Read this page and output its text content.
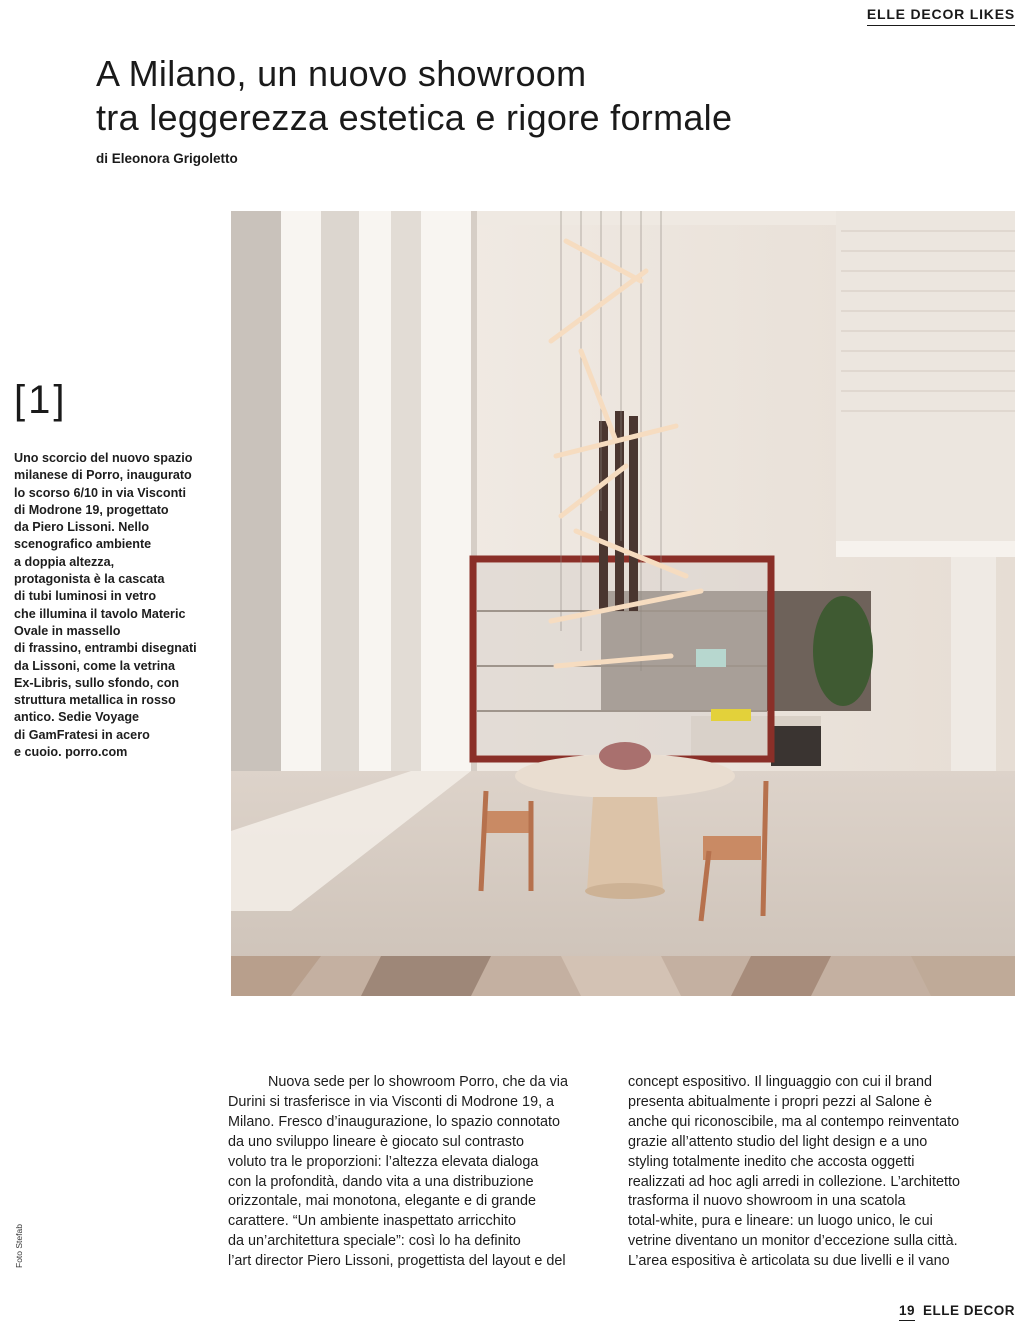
ELLE DECOR LIKES
A Milano, un nuovo showroom
tra leggerezza estetica e rigore formale
di Eleonora Grigoletto
[1]
Uno scorcio del nuovo spazio
milanese di Porro, inaugurato
lo scorso 6/10 in via Visconti
di Modrone 19, progettato
da Piero Lissoni. Nello
scenografico ambiente
a doppia altezza,
protagonista è la cascata
di tubi luminosi in vetro
che illumina il tavolo Materic
Ovale in massello
di frassino, entrambi disegnati
da Lissoni, come la vetrina
Ex-Libris, sullo sfondo, con
struttura metallica in rosso
antico. Sedie Voyage
di GamFratesi in acero
e cuoio. porro.com
Nuova sede per lo showroom Porro, che da via
Durini si trasferisce in via Visconti di Modrone 19, a
Milano. Fresco d’inaugurazione, lo spazio connotato
da uno sviluppo lineare è giocato sul contrasto
voluto tra le proporzioni: l’altezza elevata dialoga
con la profondità, dando vita a una distribuzione
orizzontale, mai monotona, elegante e di grande
carattere. “Un ambiente inaspettato arricchito
da un’architettura speciale”: così lo ha definito
l’art director Piero Lissoni, progettista del layout e del
concept espositivo. Il linguaggio con cui il brand
presenta abitualmente i propri pezzi al Salone è
anche qui riconoscibile, ma al contempo reinventato
grazie all’attento studio del light design e a uno
styling totalmente inedito che accosta oggetti
realizzati ad hoc agli arredi in collezione. L’architetto
trasforma il nuovo showroom in una scatola
total-white, pura e lineare: un luogo unico, le cui
vetrine diventano un monitor d’eccezione sulla città.
L’area espositiva è articolata su due livelli e il vano
Foto Stefab
19 ELLE DECOR
